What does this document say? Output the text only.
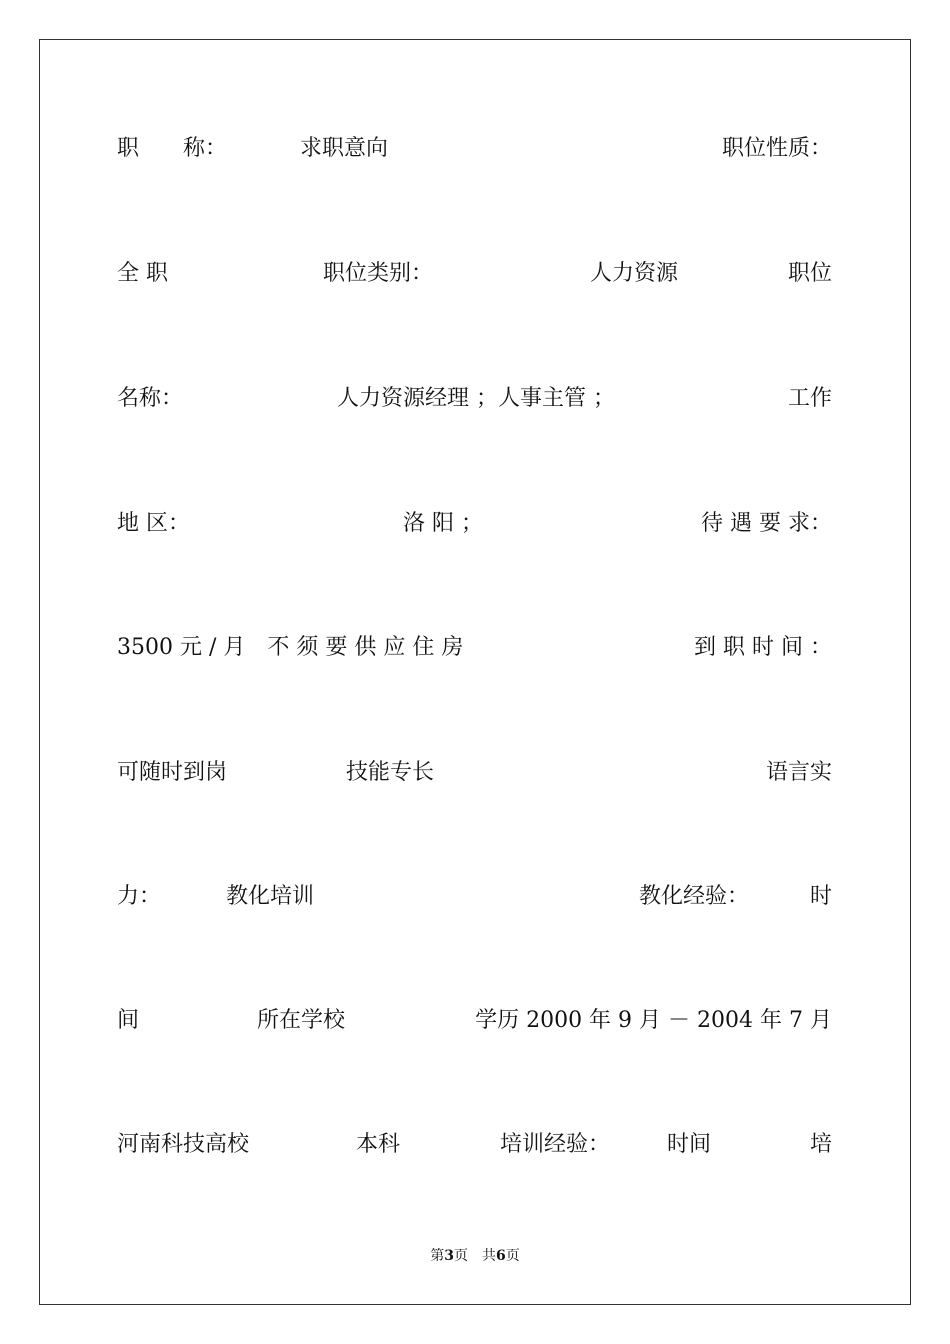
职　　称：	求职意向	职位性质：
全 职	职位类别：	人力资源	职位
名称：	人力资源经理 ；人事主管 ；	工作
地 区：	洛 阳 ；	待 遇 要 求：
3500 元 / 月　不 须 要 供 应 住 房	到 职 时 间 ：
可随时到岗	技能专长	语言实
力：	教化培训	教化经验：	时
间	所在学校	学历 2000 年 9 月 － 2004 年 7 月
河南科技高校	本科	培训经验：	时间	培
第3页 共6页
